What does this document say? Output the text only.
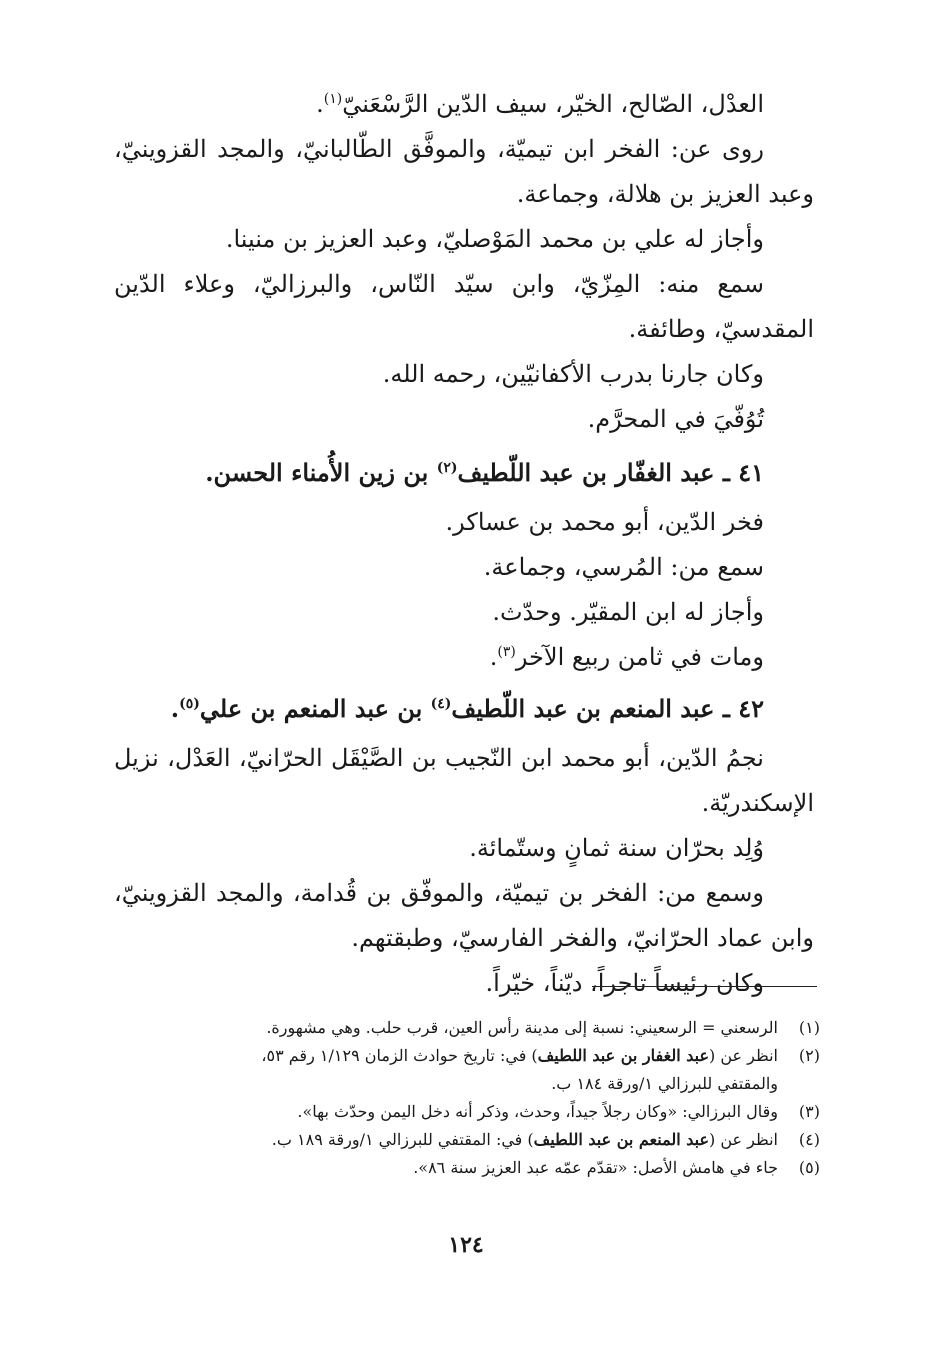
العدْل، الصّالح، الخيّر، سيف الدّين الرَّسْعَنيّ$^{(١)}$.
روى عن: الفخر ابن تيميّة، والموفَّق الطّالبانيّ، والمجد القزوينيّ،
وعبد العزيز بن هلالة، وجماعة.
وأجاز له علي بن محمد المَوْصليّ، وعبد العزيز بن منينا.
سمع منه: المِزّيّ، وابن سيّد النّاس، والبرزاليّ، وعلاء الدّين
المقدسيّ، وطائفة.
وكان جارنا بدرب الأكفانيّين، رحمه الله.
تُوُفّيَ في المحرَّم.
٤١ ـ عبد الغفّار بن عبد اللّطيف$^{(٢)}$ بن زين الأُمناء الحسن.
فخر الدّين، أبو محمد بن عساكر.
سمع من: المُرسي، وجماعة.
وأجاز له ابن المقيّر. وحدّث.
ومات في ثامن ربيع الآخر$^{(٣)}$.
٤٢ ـ عبد المنعم بن عبد اللّطيف$^{(٤)}$ بن عبد المنعم بن علي$^{(٥)}$.
نجمُ الدّين، أبو محمد ابن النّجيب بن الصَّيْقَل الحرّانيّ، العَدْل، نزيل
الإسكندريّة.
وُلِد بحرّان سنة ثمانٍ وستّمائة.
وسمع من: الفخر بن تيميّة، والموفّق بن قُدامة، والمجد القزوينيّ،
وابن عماد الحرّانيّ، والفخر الفارسيّ، وطبقتهم.
وكان رئيساً تاجراً، ديّناً، خيّراً.
(١)
الرسعني = الرسعيني: نسبة إلى مدينة رأس العين، قرب حلب. وهي مشهورة.
(٢)
انظر عن (عبد الغفار بن عبد اللطيف) في: تاريخ حوادث الزمان ١/١٢٩ رقم ٥٣،
والمقتفي للبرزالي ١/ورقة ١٨٤ ب.
(٣)
وقال البرزالي: «وكان رجلاً جيداً، وحدث، وذكر أنه دخل اليمن وحدّث بها».
(٤)
انظر عن (عبد المنعم بن عبد اللطيف) في: المقتفي للبرزالي ١/ورقة ١٨٩ ب.
(٥)
جاء في هامش الأصل: «تقدّم عمّه عبد العزيز سنة ٨٦».
١٢٤
